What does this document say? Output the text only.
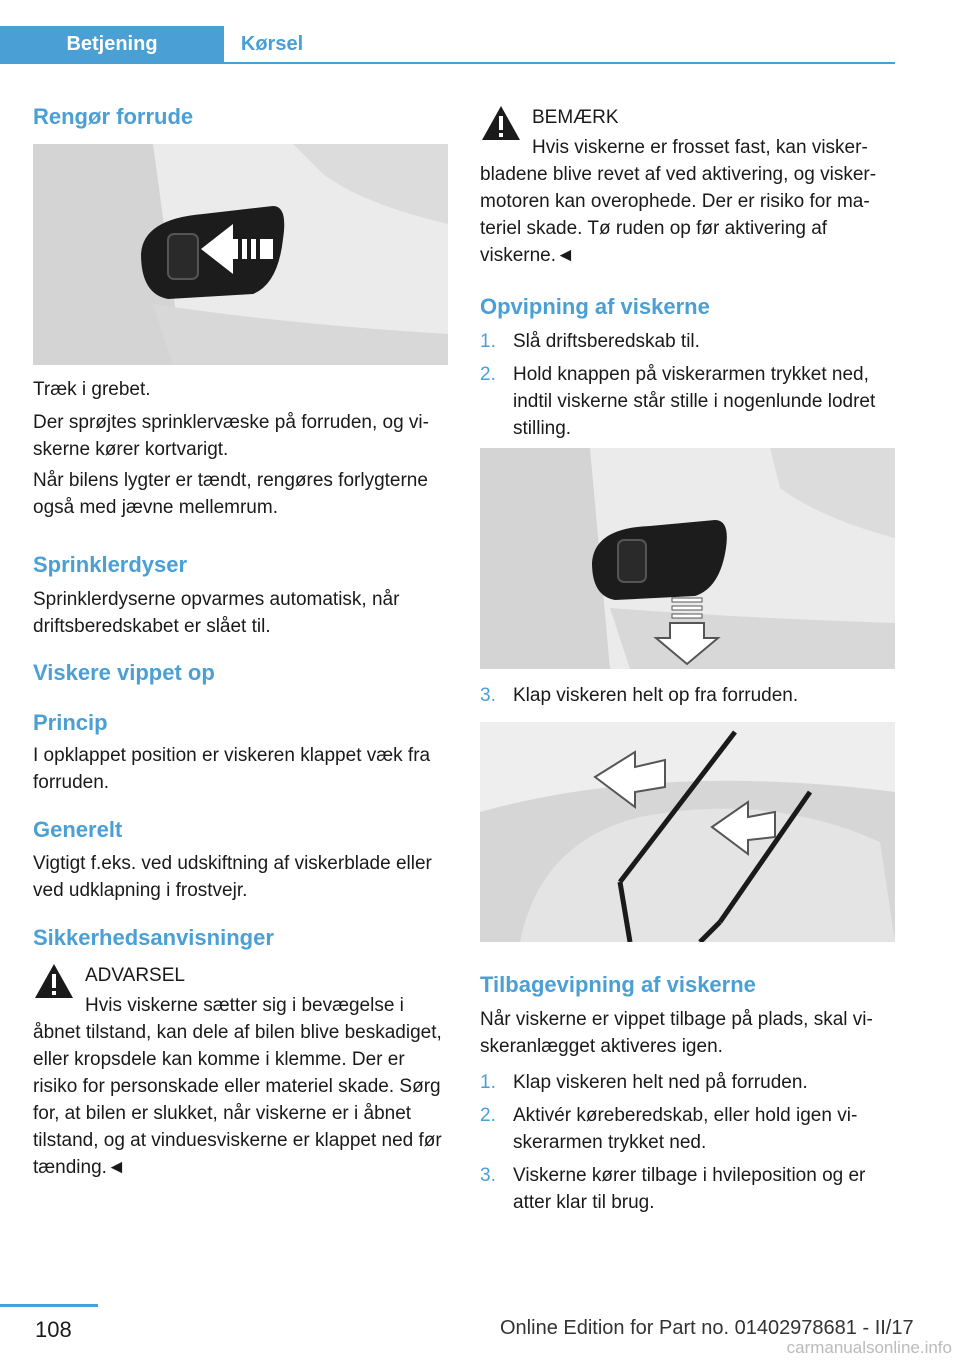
Betjening	Kørsel
Rengør forrude

Træk i grebet.

Der sprøjtes sprinklervæske på forruden, og viskerne kører kortvarigt.

Når bilens lygter er tændt, rengøres forlygterne også med jævne mellemrum.

Sprinklerdyser

Sprinklerdyserne opvarmes automatisk, når driftsberedskabet er slået til.

Viskere vippet op
Princip

I opklappet position er viskeren klappet væk fra forruden.

Generelt

Vigtigt f.eks. ved udskiftning af viskerblade eller ved udklapning i frostvejr.

Sikkerhedsanvisninger
ADVARSEL

Hvis viskerne sætter sig i bevægelse i åbnet tilstand, kan dele af bilen blive beskadiget, eller kropsdele kan komme i klemme. Der er risiko for personskade eller materiel skade. Sørg for, at bilen er slukket, når viskerne er i åbnet tilstand, og at vinduesviskerne er klappet ned før tænding.◄

BEMÆRK

Hvis viskerne er frosset fast, kan viskerbladene blive revet af ved aktivering, og viskermotoren kan overophede. Der er risiko for materiel skade. Tø ruden op før aktivering af viskerne.◄

Opvipning af viskerne
1. Slå driftsberedskab til.
2. Hold knappen på viskerarmen trykket ned, indtil viskerne står stille i nogenlunde lodret stilling.
3. Klap viskeren helt op fra forruden.
Tilbagevipning af viskerne

Når viskerne er vippet tilbage på plads, skal viskeranlægget aktiveres igen.

1. Klap viskeren helt ned på forruden.
2. Aktivér køreberedskab, eller hold igen viskerarmen trykket ned.
3. Viskerne kører tilbage i hvileposition og er atter klar til brug.
108	Online Edition for Part no. 01402978681 - II/17
carmanualsonline.info
